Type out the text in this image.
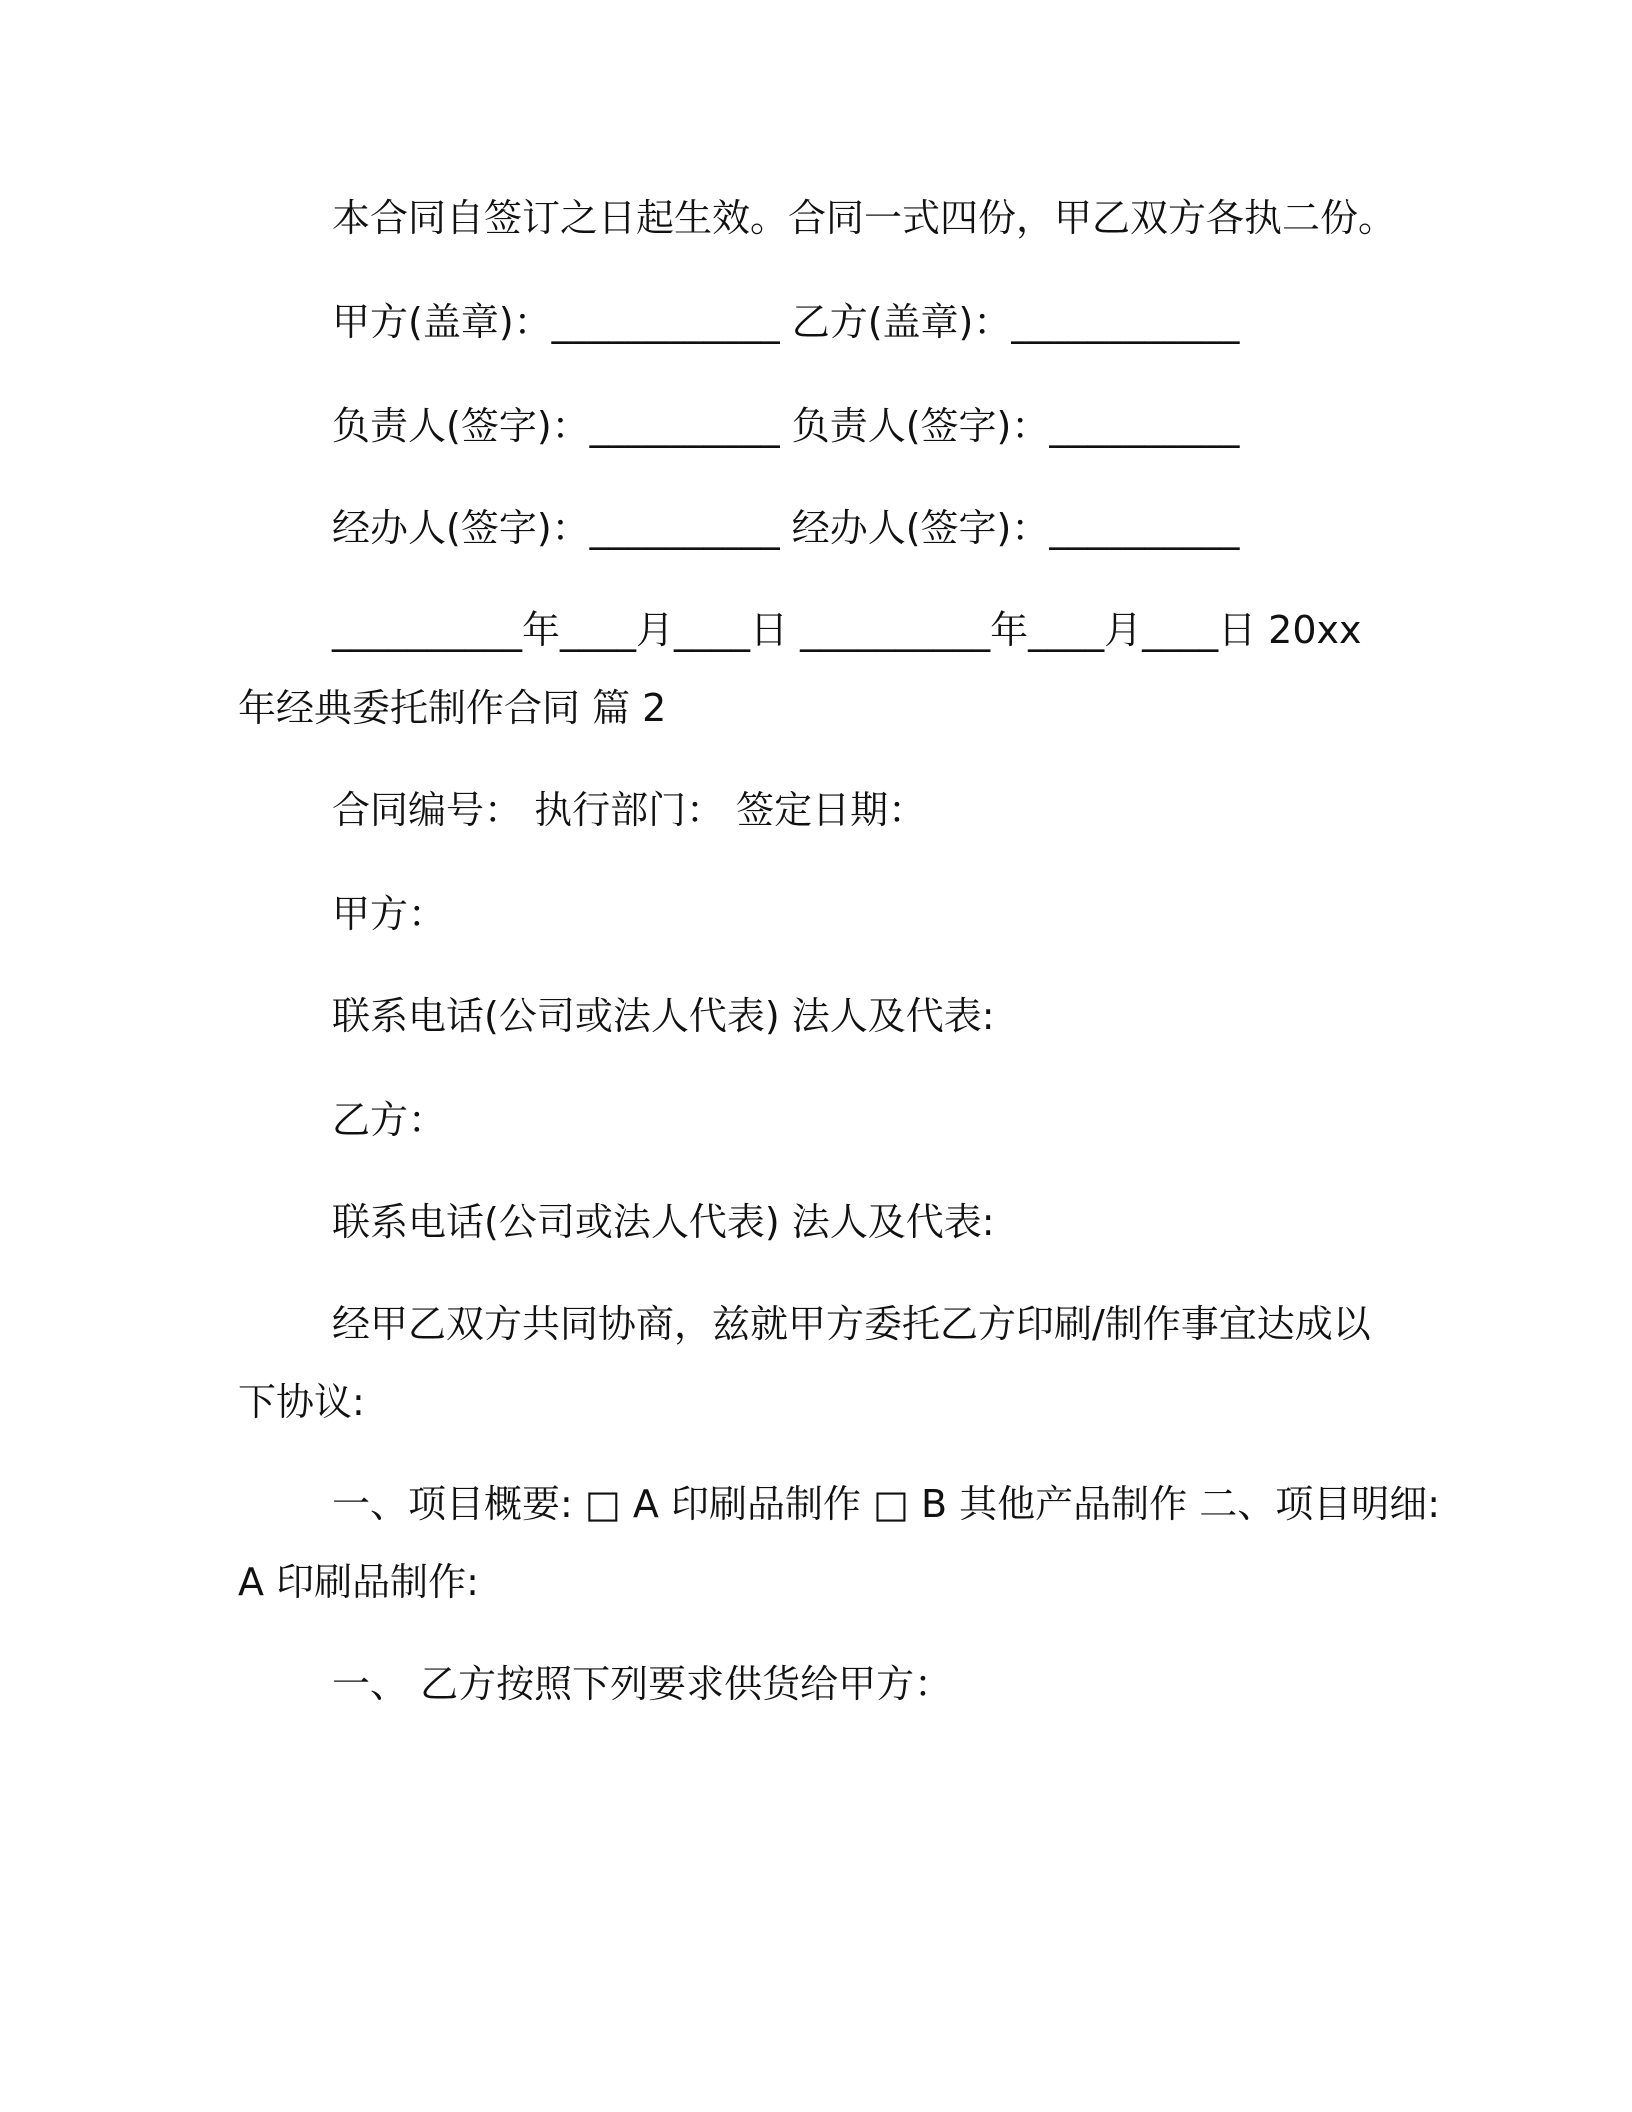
本合同自签订之日起生效。合同一式四份，甲乙双方各执二份。
甲方(盖章)：____________ 乙方(盖章)：____________
负责人(签字)：__________ 负责人(签字)：__________
经办人(签字)：__________ 经办人(签字)：__________
__________年____月____日 __________年____月____日 20xx
年经典委托制作合同 篇 2
合同编号： 执行部门： 签定日期：
甲方：
联系电话(公司或法人代表) 法人及代表:
乙方：
联系电话(公司或法人代表) 法人及代表:
经甲乙双方共同协商，兹就甲方委托乙方印刷/制作事宜达成以
下协议:
一、项目概要: □ A 印刷品制作 □ B 其他产品制作 二、项目明细:
A 印刷品制作:
一、 乙方按照下列要求供货给甲方：
